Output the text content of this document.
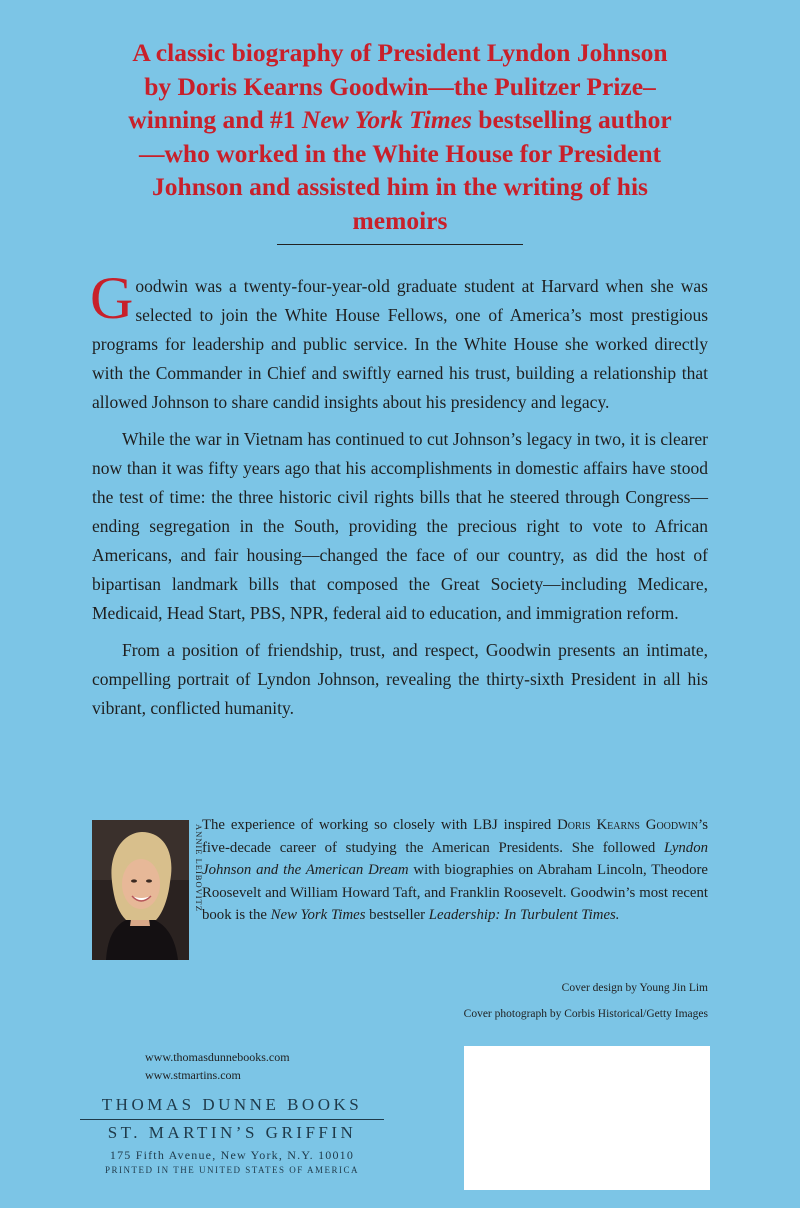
A classic biography of President Lyndon Johnson by Doris Kearns Goodwin—the Pulitzer Prize–winning and #1 New York Times bestselling author—who worked in the White House for President Johnson and assisted him in the writing of his memoirs

Goodwin was a twenty-four-year-old graduate student at Harvard when she was selected to join the White House Fellows, one of America’s most prestigious programs for leadership and public service. In the White House she worked directly with the Commander in Chief and swiftly earned his trust, building a relationship that allowed Johnson to share candid insights about his presidency and legacy.

While the war in Vietnam has continued to cut Johnson’s legacy in two, it is clearer now than it was fifty years ago that his accomplishments in domestic affairs have stood the test of time: the three historic civil rights bills that he steered through Congress—ending segregation in the South, providing the precious right to vote to African Americans, and fair housing—changed the face of our country, as did the host of bipartisan landmark bills that composed the Great Society—including Medicare, Medicaid, Head Start, PBS, NPR, federal aid to education, and immigration reform.

From a position of friendship, trust, and respect, Goodwin presents an intimate, compelling portrait of Lyndon Johnson, revealing the thirty-sixth President in all his vibrant, conflicted humanity.

ANNIE LEIBOVITZ

The experience of working so closely with LBJ inspired Doris Kearns Goodwin’s five-decade career of studying the American Presidents. She followed Lyndon Johnson and the American Dream with biographies on Abraham Lincoln, Theodore Roosevelt and William Howard Taft, and Franklin Roosevelt. Goodwin’s most recent book is the New York Times bestseller Leadership: In Turbulent Times.

Cover design by Young Jin Lim
Cover photograph by Corbis Historical/Getty Images
www.thomasdunnebooks.com
www.stmartins.com
THOMAS DUNNE BOOKS
ST. MARTIN’S GRIFFIN
175 Fifth Avenue, New York, N.Y. 10010
PRINTED IN THE UNITED STATES OF AMERICA
